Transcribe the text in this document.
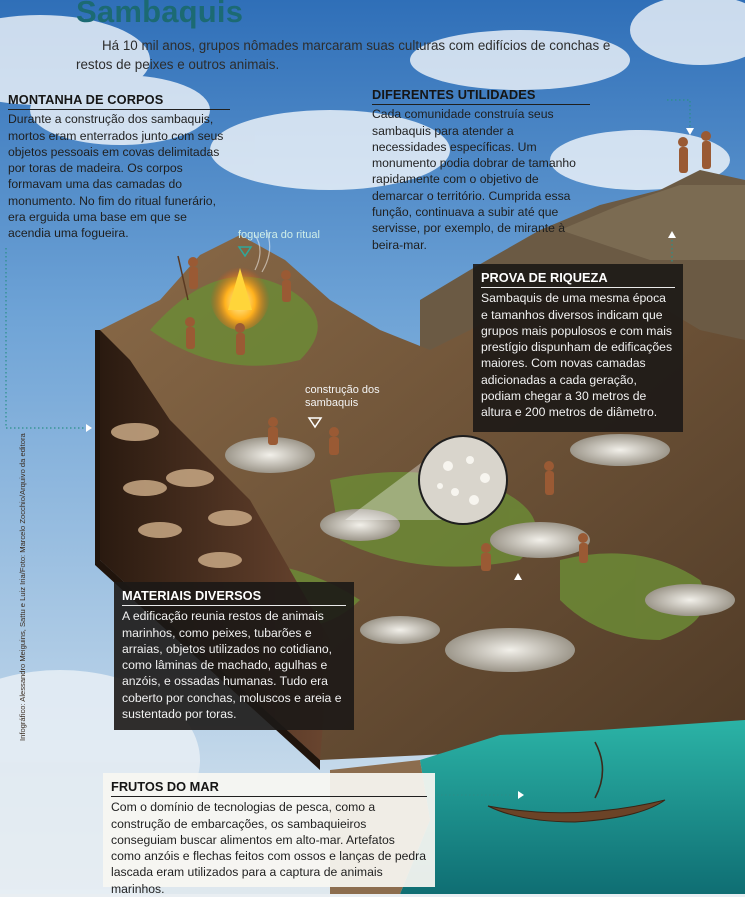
Sambaquis

Há 10 mil anos, grupos nômades marcaram suas culturas com edifícios de conchas e restos de peixes e outros animais.

MONTANHA DE CORPOS

Durante a construção dos sambaquis, mortos eram enterrados junto com seus objetos pessoais em covas delimitadas por toras de madeira. Os corpos formavam uma das camadas do monumento. No fim do ritual funerário, era erguida uma base em que se acendia uma fogueira.

DIFERENTES UTILIDADES

Cada comunidade construía seus sambaquis para atender a necessidades específicas. Um monumento podia dobrar de tamanho rapidamente com o objetivo de demarcar o território. Cumprida essa função, continuava a subir até que servisse, por exemplo, de mirante à beira-mar.

PROVA DE RIQUEZA

Sambaquis de uma mesma época e tamanhos diversos indicam que grupos mais populosos e com mais prestígio dispunham de edificações maiores. Com novas camadas adicionadas a cada geração, podiam chegar a 30 metros de altura e 200 metros de diâmetro.

MATERIAIS DIVERSOS

A edificação reunia restos de animais marinhos, como peixes, tubarões e arraias, objetos utilizados no cotidiano, como lâminas de machado, agulhas e anzóis, e ossadas humanas. Tudo era coberto por conchas, moluscos e areia e sustentado por toras.

FRUTOS DO MAR

Com o domínio de tecnologias de pesca, como a construção de embarcações, os sambaquieiros conseguiam buscar alimentos em alto-mar. Artefatos como anzóis e flechas feitos com ossos e lanças de pedra lascada eram utilizados para a captura de animais marinhos.

fogueira do ritual
construção dos sambaquis
Infográfico: Alessandro Meiguins, Sattu e Luiz Iria/Foto: Marcelo Zocchio/Arquivo da editora
